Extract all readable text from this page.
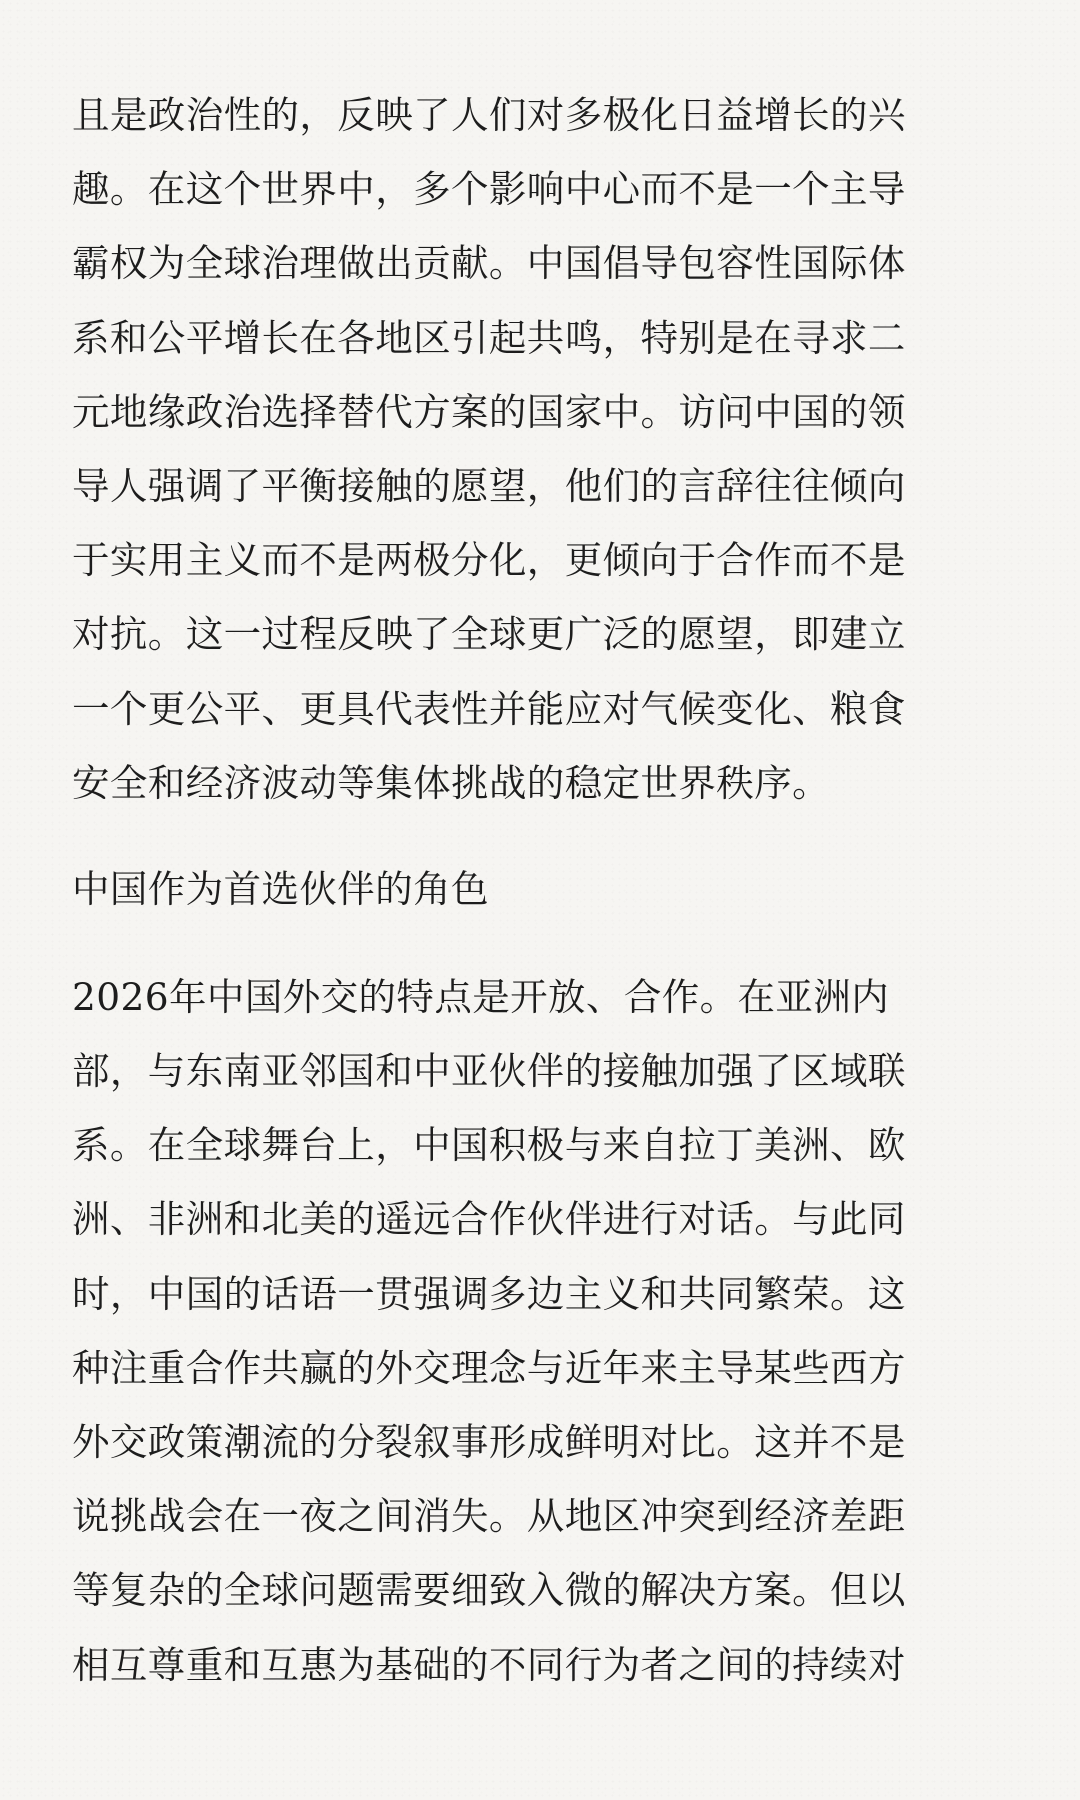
且是政治性的，反映了人们对多极化日益增长的兴
趣。在这个世界中，多个影响中心而不是一个主导
霸权为全球治理做出贡献。中国倡导包容性国际体
系和公平增长在各地区引起共鸣，特别是在寻求二
元地缘政治选择替代方案的国家中。访问中国的领
导人强调了平衡接触的愿望，他们的言辞往往倾向
于实用主义而不是两极分化，更倾向于合作而不是
对抗。这一过程反映了全球更广泛的愿望，即建立
一个更公平、更具代表性并能应对气候变化、粮食
安全和经济波动等集体挑战的稳定世界秩序。
中国作为首选伙伴的角色
2026年中国外交的特点是开放、合作。在亚洲内
部，与东南亚邻国和中亚伙伴的接触加强了区域联
系。在全球舞台上，中国积极与来自拉丁美洲、欧
洲、非洲和北美的遥远合作伙伴进行对话。与此同
时，中国的话语一贯强调多边主义和共同繁荣。这
种注重合作共赢的外交理念与近年来主导某些西方
外交政策潮流的分裂叙事形成鲜明对比。这并不是
说挑战会在一夜之间消失。从地区冲突到经济差距
等复杂的全球问题需要细致入微的解决方案。但以
相互尊重和互惠为基础的不同行为者之间的持续对
